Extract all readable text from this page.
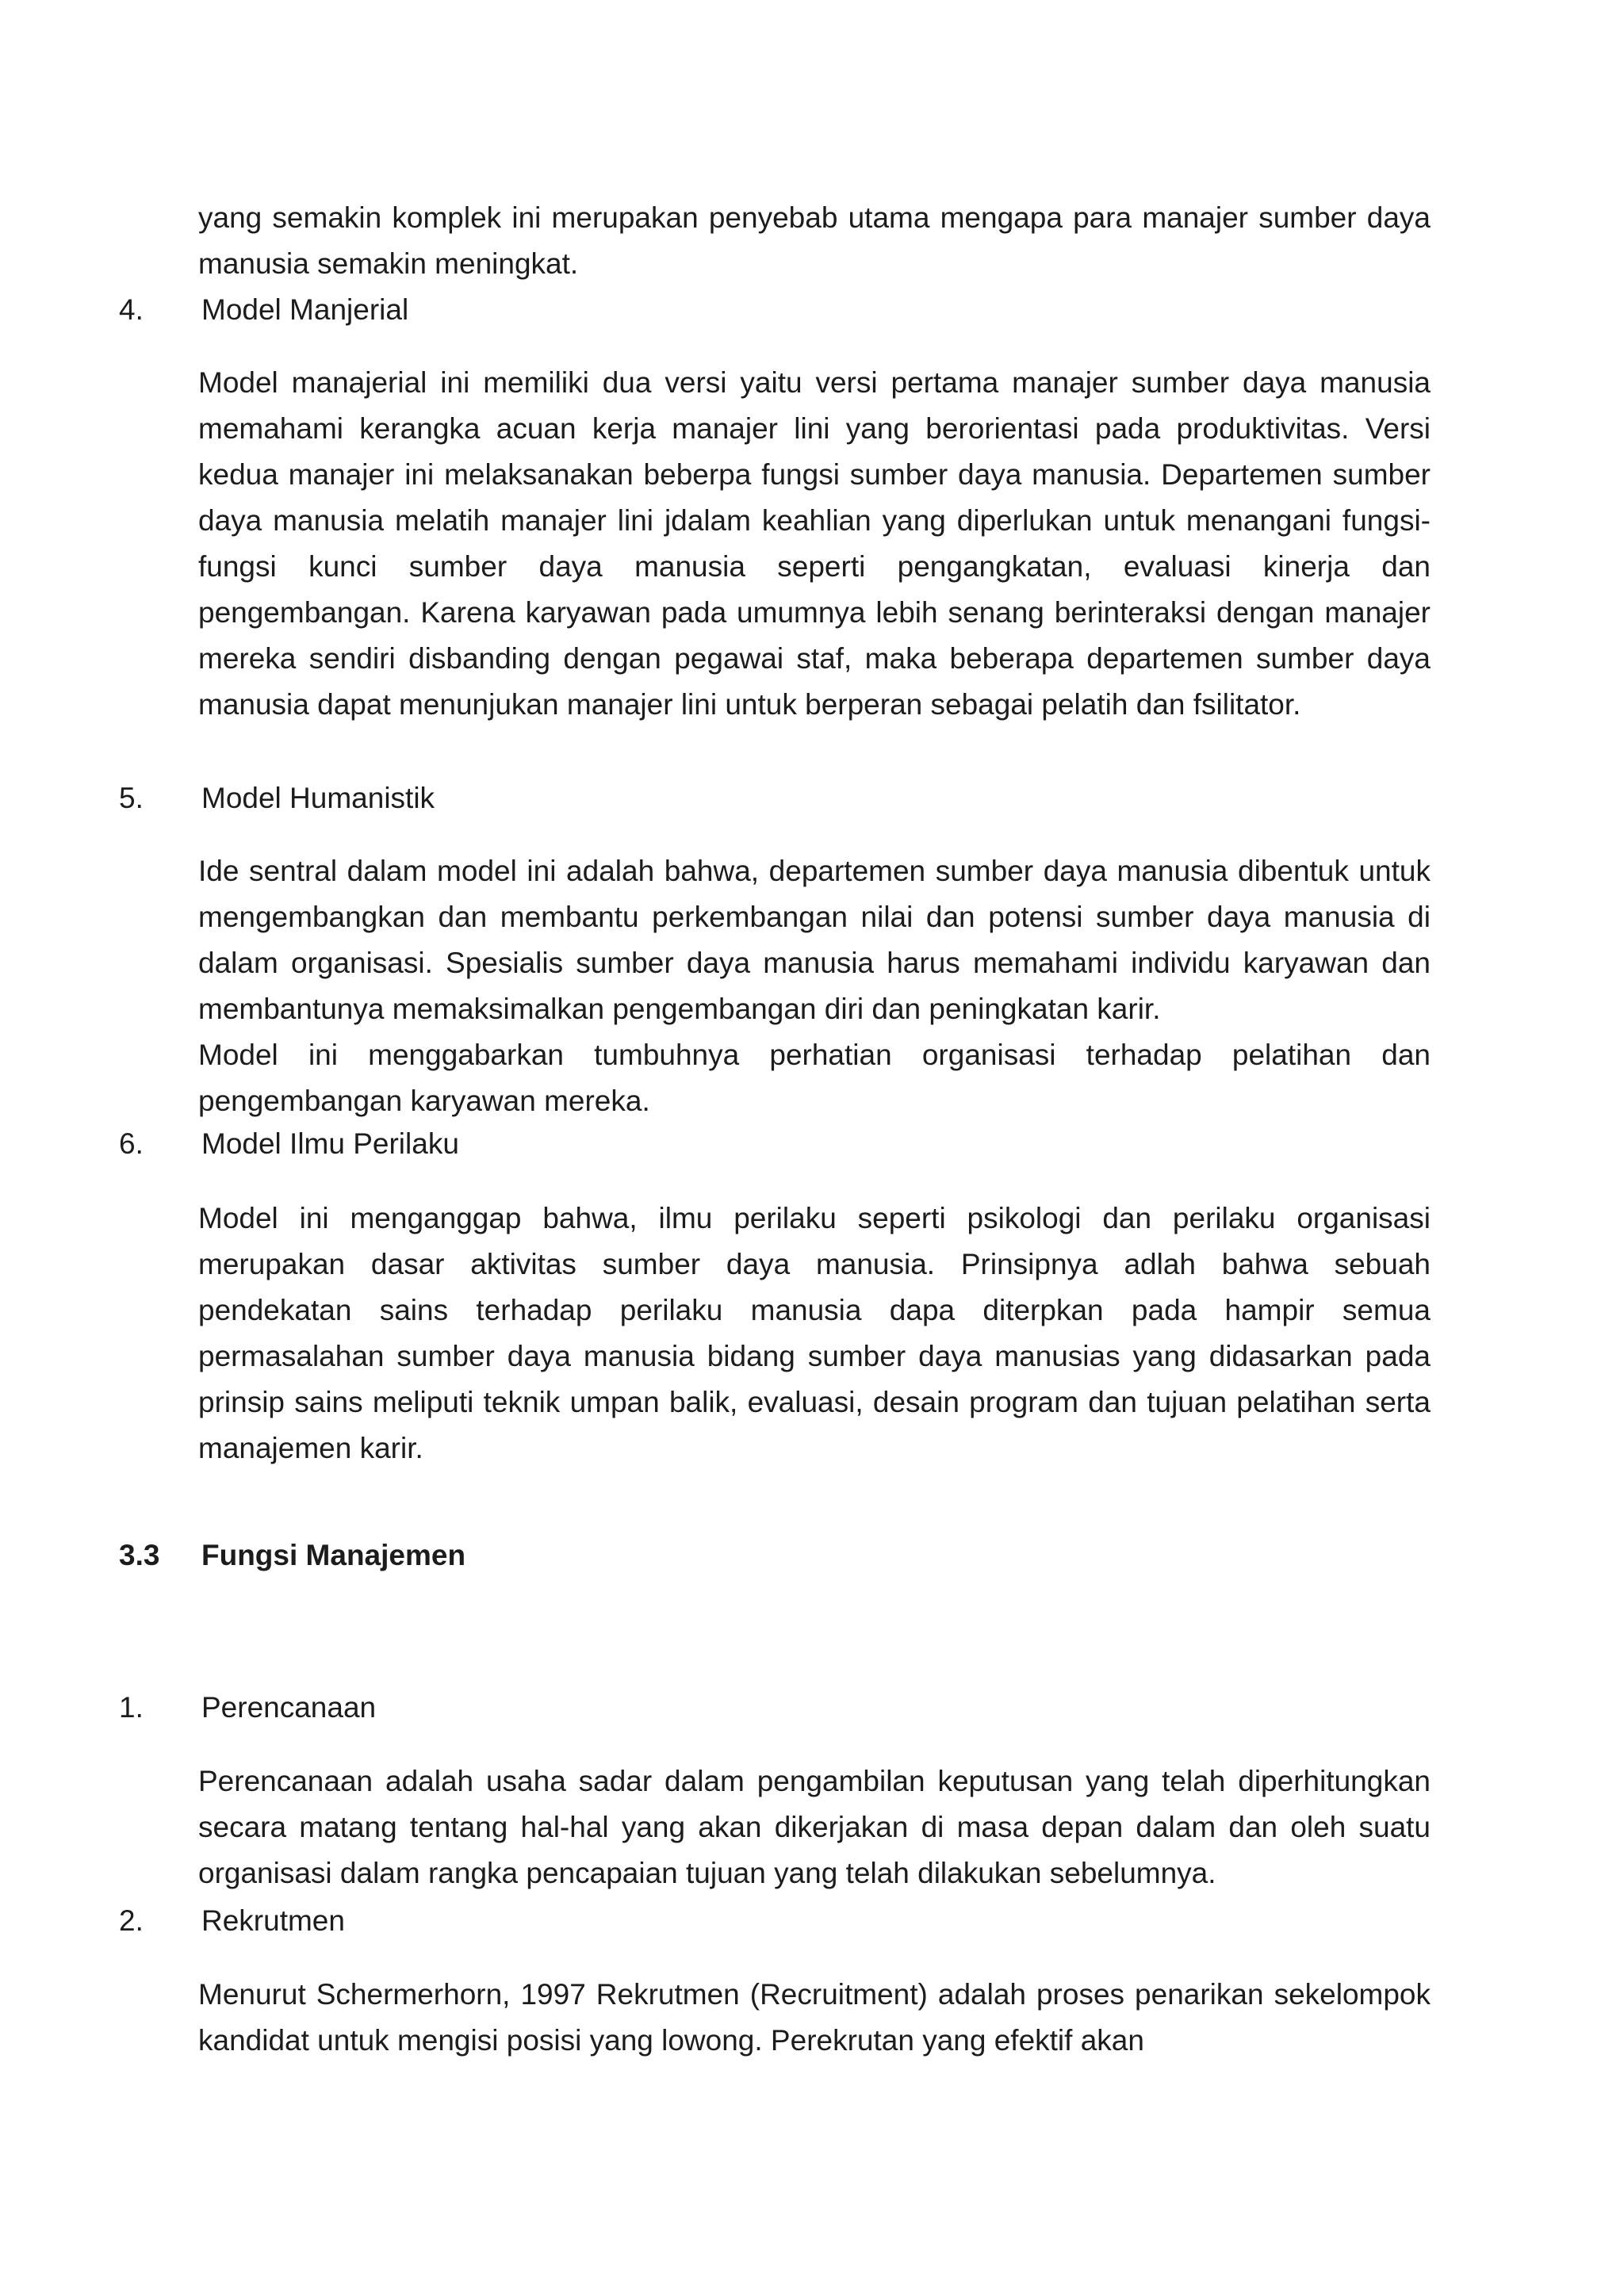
yang semakin komplek ini merupakan penyebab utama mengapa para manajer sumber daya manusia semakin meningkat.

4. Model Manjerial

Model manajerial ini memiliki dua versi yaitu versi pertama manajer sumber daya manusia memahami kerangka acuan kerja manajer lini yang berorientasi pada produktivitas. Versi kedua manajer ini melaksanakan beberpa fungsi sumber daya manusia. Departemen sumber daya manusia melatih manajer lini jdalam keahlian yang diperlukan untuk menangani fungsi-fungsi kunci sumber daya manusia seperti pengangkatan, evaluasi kinerja dan pengembangan. Karena karyawan pada umumnya lebih senang berinteraksi dengan manajer mereka sendiri disbanding dengan pegawai staf, maka beberapa departemen sumber daya manusia dapat menunjukan manajer lini untuk berperan sebagai pelatih dan fsilitator.

5. Model Humanistik

Ide sentral dalam model ini adalah bahwa, departemen sumber daya manusia dibentuk untuk mengembangkan dan membantu perkembangan nilai dan potensi sumber daya manusia di dalam organisasi. Spesialis sumber daya manusia harus memahami individu karyawan dan membantunya memaksimalkan pengembangan diri dan peningkatan karir.

Model ini menggabarkan tumbuhnya perhatian organisasi terhadap pelatihan dan pengembangan karyawan mereka.

6. Model Ilmu Perilaku

Model ini menganggap bahwa, ilmu perilaku seperti psikologi dan perilaku organisasi merupakan dasar aktivitas sumber daya manusia. Prinsipnya adlah bahwa sebuah pendekatan sains terhadap perilaku manusia dapa diterpkan pada hampir semua permasalahan sumber daya manusia bidang sumber daya manusias yang didasarkan pada prinsip sains meliputi teknik umpan balik, evaluasi, desain program dan tujuan pelatihan serta manajemen karir.

3.3 Fungsi Manajemen

1. Perencanaan

Perencanaan adalah usaha sadar dalam pengambilan keputusan yang telah diperhitungkan secara matang tentang hal-hal yang akan dikerjakan di masa depan dalam dan oleh suatu organisasi dalam rangka pencapaian tujuan yang telah dilakukan sebelumnya.

2. Rekrutmen

Menurut Schermerhorn, 1997 Rekrutmen (Recruitment) adalah proses penarikan sekelompok kandidat untuk mengisi posisi yang lowong. Perekrutan yang efektif akan
